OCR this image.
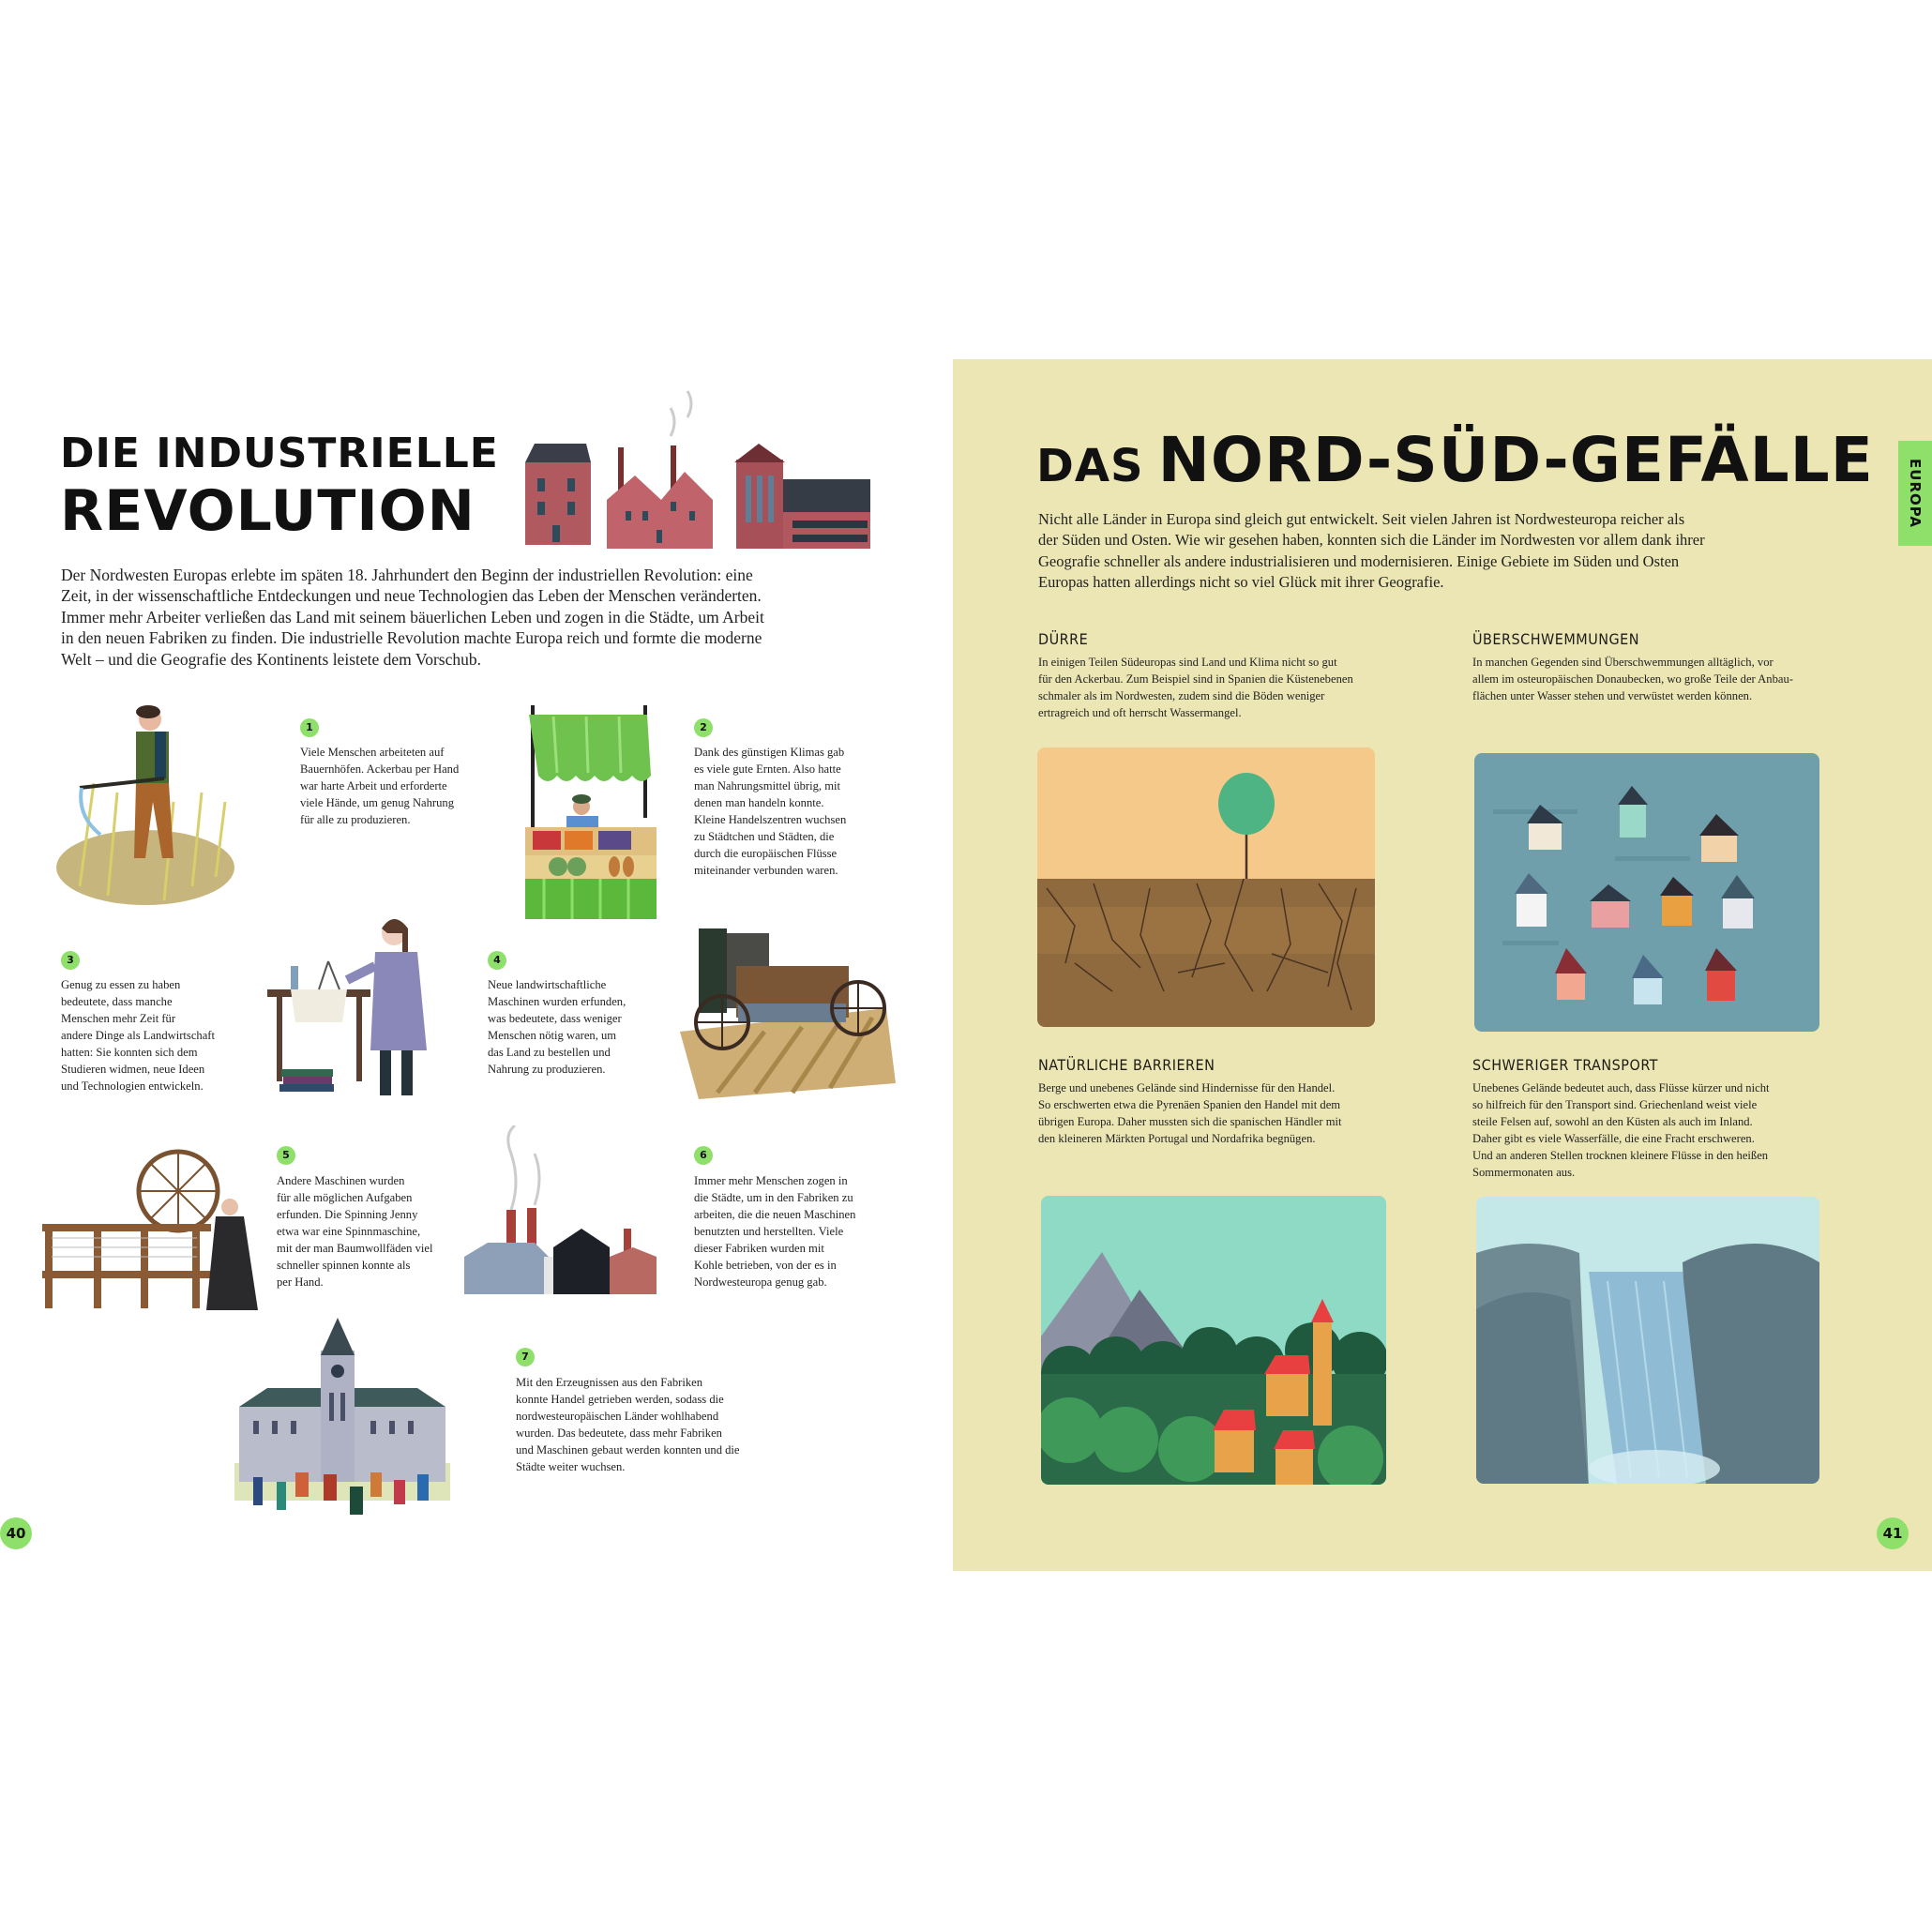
DIE INDUSTRIELLE
REVOLUTION
Der Nordwesten Europas erlebte im späten 18. Jahrhundert den Beginn der industriellen Revolution: eine
Zeit, in der wissenschaftliche Entdeckungen und neue Technologien das Leben der Menschen veränderten.
Immer mehr Arbeiter verließen das Land mit seinem bäuerlichen Leben und zogen in die Städte, um Arbeit
in den neuen Fabriken zu finden. Die industrielle Revolution machte Europa reich und formte die moderne
Welt – und die Geografie des Kontinents leistete dem Vorschub.
1
Viele Menschen arbeiteten auf
Bauernhöfen. Ackerbau per Hand
war harte Arbeit und erforderte
viele Hände, um genug Nahrung
für alle zu produzieren.
2
Dank des günstigen Klimas gab
es viele gute Ernten. Also hatte
man Nahrungsmittel übrig, mit
denen man handeln konnte.
Kleine Handelszentren wuchsen
zu Städtchen und Städten, die
durch die europäischen Flüsse
miteinander verbunden waren.
3
Genug zu essen zu haben
bedeutete, dass manche
Menschen mehr Zeit für
andere Dinge als Landwirtschaft
hatten: Sie konnten sich dem
Studieren widmen, neue Ideen
und Technologien entwickeln.
4
Neue landwirtschaftliche
Maschinen wurden erfunden,
was bedeutete, dass weniger
Menschen nötig waren, um
das Land zu bestellen und
Nahrung zu produzieren.
5
Andere Maschinen wurden
für alle möglichen Aufgaben
erfunden. Die Spinning Jenny
etwa war eine Spinnmaschine,
mit der man Baumwollfäden viel
schneller spinnen konnte als
per Hand.
6
Immer mehr Menschen zogen in
die Städte, um in den Fabriken zu
arbeiten, die die neuen Maschinen
benutzten und herstellten. Viele
dieser Fabriken wurden mit
Kohle betrieben, von der es in
Nordwesteuropa genug gab.
7
Mit den Erzeugnissen aus den Fabriken
konnte Handel getrieben werden, sodass die
nordwesteuropäischen Länder wohlhabend
wurden. Das bedeutete, dass mehr Fabriken
und Maschinen gebaut werden konnten und die
Städte weiter wuchsen.
40
DAS NORD-SÜD-GEFÄLLE EUROPA
Nicht alle Länder in Europa sind gleich gut entwickelt. Seit vielen Jahren ist Nordwesteuropa reicher als
der Süden und Osten. Wie wir gesehen haben, konnten sich die Länder im Nordwesten vor allem dank ihrer
Geografie schneller als andere industrialisieren und modernisieren. Einige Gebiete im Süden und Osten
Europas hatten allerdings nicht so viel Glück mit ihrer Geografie.
DÜRRE
In einigen Teilen Südeuropas sind Land und Klima nicht so gut
für den Ackerbau. Zum Beispiel sind in Spanien die Küstenebenen
schmaler als im Nordwesten, zudem sind die Böden weniger
ertragreich und oft herrscht Wassermangel.
ÜBERSCHWEMMUNGEN
In manchen Gegenden sind Überschwemmungen alltäglich, vor
allem im osteuropäischen Donaubecken, wo große Teile der Anbau-
flächen unter Wasser stehen und verwüstet werden können.
NATÜRLICHE BARRIEREN
Berge und unebenes Gelände sind Hindernisse für den Handel.
So erschwerten etwa die Pyrenäen Spanien den Handel mit dem
übrigen Europa. Daher mussten sich die spanischen Händler mit
den kleineren Märkten Portugal und Nordafrika begnügen.
SCHWERIGER TRANSPORT
Unebenes Gelände bedeutet auch, dass Flüsse kürzer und nicht
so hilfreich für den Transport sind. Griechenland weist viele
steile Felsen auf, sowohl an den Küsten als auch im Inland.
Daher gibt es viele Wasserfälle, die eine Fracht erschweren.
Und an anderen Stellen trocknen kleinere Flüsse in den heißen
Sommermonaten aus.
41
